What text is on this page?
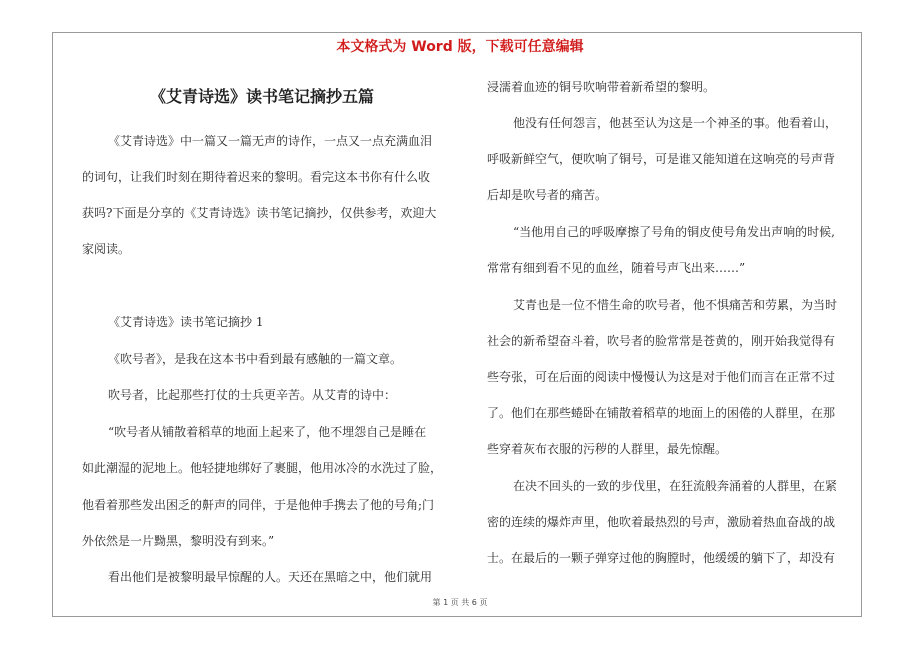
本文格式为 Word 版，下载可任意编辑
《艾青诗选》读书笔记摘抄五篇
《艾青诗选》中一篇又一篇无声的诗作，一点又一点充满血泪
的词句，让我们时刻在期待着迟来的黎明。看完这本书你有什么收
获吗?下面是分享的《艾青诗选》读书笔记摘抄，仅供参考，欢迎大
家阅读。
《艾青诗选》读书笔记摘抄 1
《吹号者》，是我在这本书中看到最有感触的一篇文章。
吹号者，比起那些打仗的士兵更辛苦。从艾青的诗中：
“吹号者从铺散着稻草的地面上起来了，他不埋怨自己是睡在
如此潮湿的泥地上。他轻捷地绑好了裹腿，他用冰冷的水洗过了脸，
他看着那些发出困乏的鼾声的同伴，于是他伸手携去了他的号角;门
外依然是一片黝黑，黎明没有到来。”
看出他们是被黎明最早惊醒的人。天还在黑暗之中，他们就用
浸濡着血迹的铜号吹响带着新希望的黎明。
他没有任何怨言，他甚至认为这是一个神圣的事。他看着山，
呼吸新鲜空气，便吹响了铜号，可是谁又能知道在这响亮的号声背
后却是吹号者的痛苦。
“当他用自己的呼吸摩擦了号角的铜皮使号角发出声响的时候,
常常有细到看不见的血丝，随着号声飞出来……”
艾青也是一位不惜生命的吹号者，他不惧痛苦和劳累，为当时
社会的新希望奋斗着，吹号者的脸常常是苍黄的，刚开始我觉得有
些夸张，可在后面的阅读中慢慢认为这是对于他们而言在正常不过
了。他们在那些蜷卧在铺散着稻草的地面上的困倦的人群里，在那
些穿着灰布衣服的污秽的人群里，最先惊醒。
在决不回头的一致的步伐里，在狂流般奔涌着的人群里，在紧
密的连续的爆炸声里，他吹着最热烈的号声，激励着热血奋战的战
士。在最后的一颗子弹穿过他的胸膛时，他缓缓的躺下了，却没有
第 1 页 共 6 页
